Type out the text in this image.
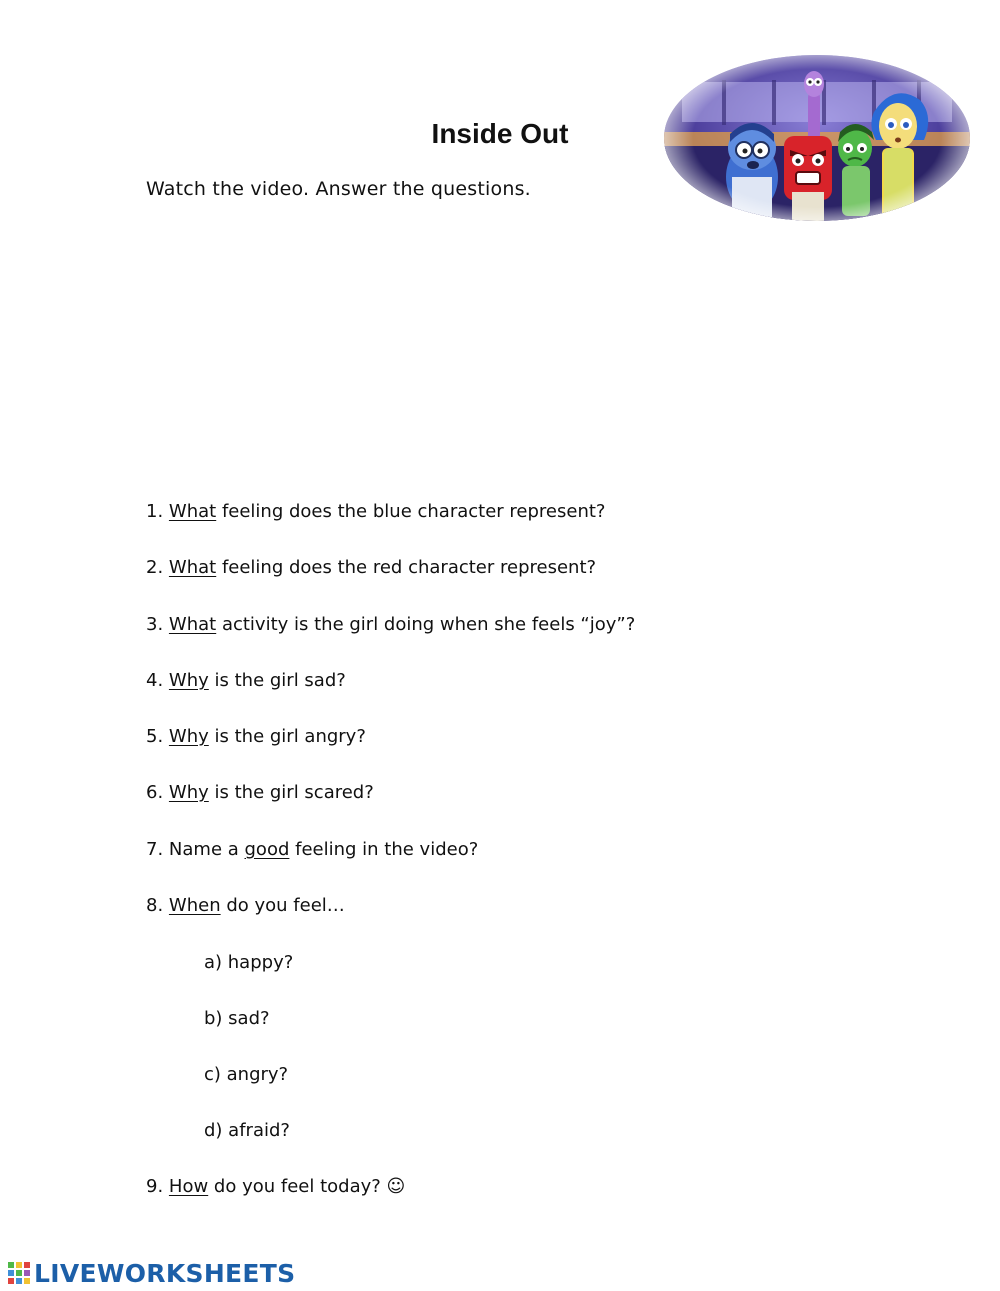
Inside Out
Watch the video. Answer the questions.
1. What feeling does the blue character represent?
2. What feeling does the red character represent?
3. What activity is the girl doing when she feels “joy”?
4. Why is the girl sad?
5. Why is the girl angry?
6. Why is the girl scared?
7. Name a good feeling in the video?
8. When do you feel…
a) happy?
b) sad?
c) angry?
d) afraid?
9. How do you feel today? ☺
LIVEWORKSHEETS
